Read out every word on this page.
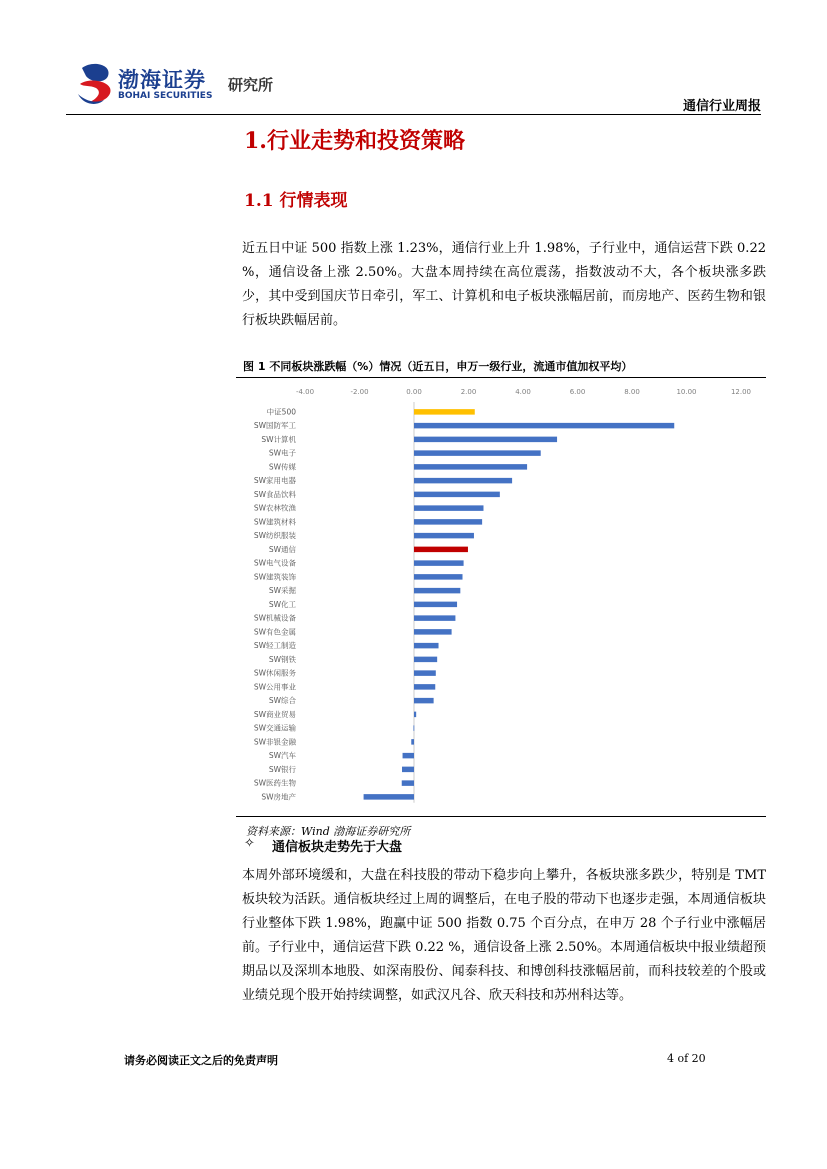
渤海证券
BOHAI SECURITIES
研究所
通信行业周报
1.行业走势和投资策略
1.1 行情表现
近五日中证 500 指数上涨 1.23%，通信行业上升 1.98%，子行业中，通信运营下跌 0.22 %，通信设备上涨 2.50%。大盘本周持续在高位震荡，指数波动不大，各个板块涨多跌少，其中受到国庆节日牵引，军工、计算机和电子板块涨幅居前，而房地产、医药生物和银行板块跌幅居前。
图 1 不同板块涨跌幅（%）情况（近五日，申万一级行业，流通市值加权平均）
-4.00	-2.00	0.00	2.00	4.00	6.00	8.00	10.00	12.00
中证500
SW国防军工
SW计算机
SW电子
SW传媒
SW家用电器
SW食品饮料
SW农林牧渔
SW建筑材料
SW纺织服装
SW通信
SW电气设备
SW建筑装饰
SW采掘
SW化工
SW机械设备
SW有色金属
SW轻工制造
SW钢铁
SW休闲服务
SW公用事业
SW综合
SW商业贸易
SW交通运输
SW非银金融
SW汽车
SW银行
SW医药生物
SW房地产
资料来源：Wind 渤海证券研究所
✧ 通信板块走势先于大盘
本周外部环境缓和，大盘在科技股的带动下稳步向上攀升，各板块涨多跌少，特别是 TMT 板块较为活跃。通信板块经过上周的调整后，在电子股的带动下也逐步走强，本周通信板块行业整体下跌 1.98%，跑赢中证 500 指数 0.75 个百分点，在申万 28 个子行业中涨幅居前。子行业中，通信运营下跌 0.22 %，通信设备上涨 2.50%。本周通信板块中报业绩超预期品以及深圳本地股、如深南股份、闻泰科技、和博创科技涨幅居前，而科技较差的个股或业绩兑现个股开始持续调整，如武汉凡谷、欣天科技和苏州科达等。
请务必阅读正文之后的免责声明	4 of 20
